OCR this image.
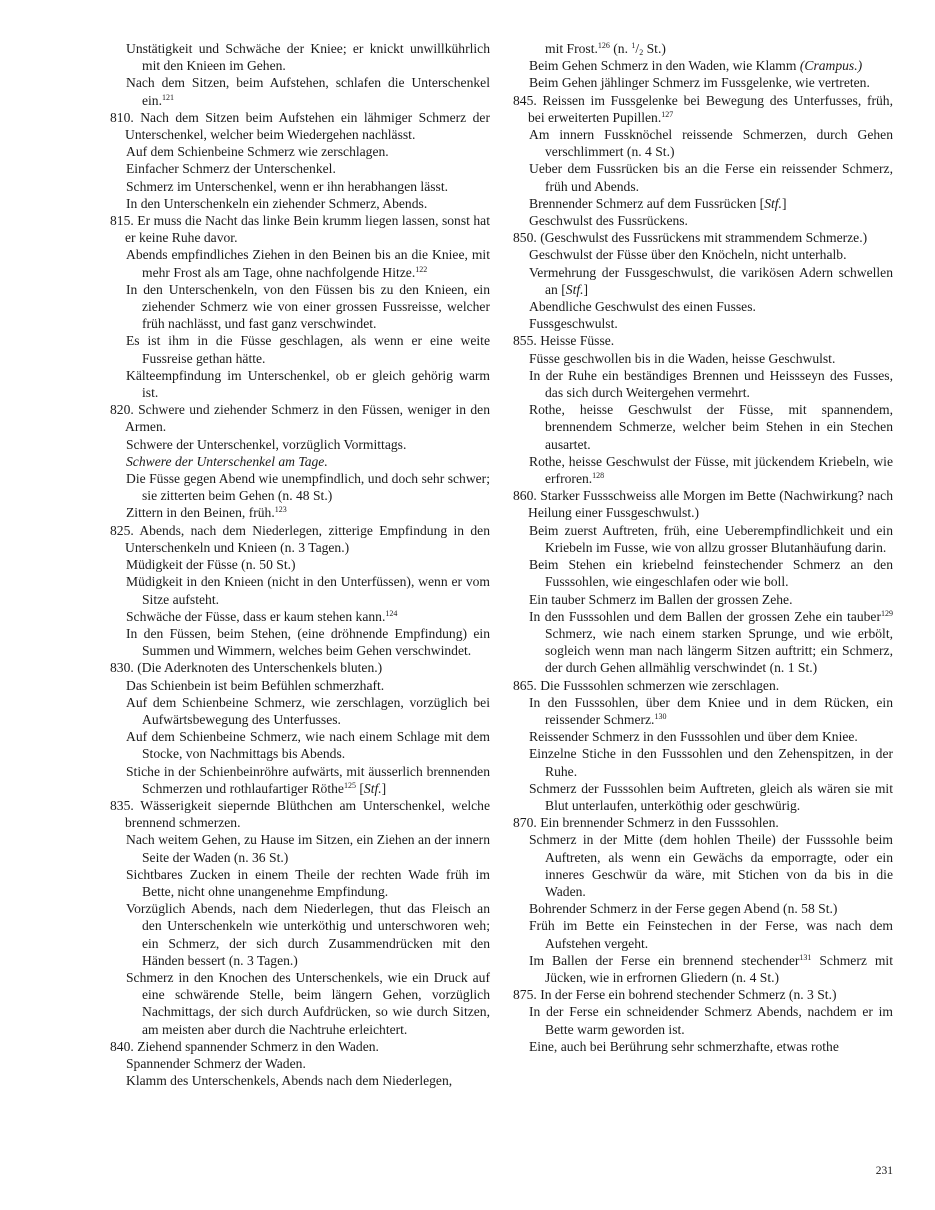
Unstätigkeit und Schwäche der Kniee; er knickt unwillkührlich mit den Knieen im Gehen.
Nach dem Sitzen, beim Aufstehen, schlafen die Unterschenkel ein.$^{121}$
810. Nach dem Sitzen beim Aufstehen ein lähmiger Schmerz der Unterschenkel, welcher beim Wiedergehen nachlässt.
Auf dem Schienbeine Schmerz wie zerschlagen.
Einfacher Schmerz der Unterschenkel.
Schmerz im Unterschenkel, wenn er ihn herabhangen lässt.
In den Unterschenkeln ein ziehender Schmerz, Abends.
815. Er muss die Nacht das linke Bein krumm liegen lassen, sonst hat er keine Ruhe davor.
Abends empfindliches Ziehen in den Beinen bis an die Kniee, mit mehr Frost als am Tage, ohne nachfolgende Hitze.$^{122}$
In den Unterschenkeln, von den Füssen bis zu den Knieen, ein ziehender Schmerz wie von einer grossen Fussreisse, welcher früh nachlässt, und fast ganz verschwindet.
Es ist ihm in die Füsse geschlagen, als wenn er eine weite Fussreise gethan hätte.
Kälteempfindung im Unterschenkel, ob er gleich gehörig warm ist.
820. Schwere und ziehender Schmerz in den Füssen, weniger in den Armen.
Schwere der Unterschenkel, vorzüglich Vormittags.
Schwere der Unterschenkel am Tage.
Die Füsse gegen Abend wie unempfindlich, und doch sehr schwer; sie zitterten beim Gehen (n. 48 St.)
Zittern in den Beinen, früh.$^{123}$
825. Abends, nach dem Niederlegen, zitterige Empfindung in den Unterschenkeln und Knieen (n. 3 Tagen.)
Müdigkeit der Füsse (n. 50 St.)
Müdigkeit in den Knieen (nicht in den Unterfüssen), wenn er vom Sitze aufsteht.
Schwäche der Füsse, dass er kaum stehen kann.$^{124}$
In den Füssen, beim Stehen, (eine dröhnende Empfindung) ein Summen und Wimmern, welches beim Gehen verschwindet.
830. (Die Aderknoten des Unterschenkels bluten.)
Das Schienbein ist beim Befühlen schmerzhaft.
Auf dem Schienbeine Schmerz, wie zerschlagen, vorzüglich bei Aufwärtsbewegung des Unterfusses.
Auf dem Schienbeine Schmerz, wie nach einem Schlage mit dem Stocke, von Nachmittags bis Abends.
Stiche in der Schienbeinröhre aufwärts, mit äusserlich brennenden Schmerzen und rothlaufartiger Röthe$^{125}$ [Stf.]
835. Wässerigkeit siepernde Blüthchen am Unterschenkel, welche brennend schmerzen.
Nach weitem Gehen, zu Hause im Sitzen, ein Ziehen an der innern Seite der Waden (n. 36 St.)
Sichtbares Zucken in einem Theile der rechten Wade früh im Bette, nicht ohne unangenehme Empfindung.
Vorzüglich Abends, nach dem Niederlegen, thut das Fleisch an den Unterschenkeln wie unterköthig und unterschworen weh; ein Schmerz, der sich durch Zusammendrücken mit den Händen bessert (n. 3 Tagen.)
Schmerz in den Knochen des Unterschenkels, wie ein Druck auf eine schwärende Stelle, beim längern Gehen, vorzüglich Nachmittags, der sich durch Aufdrücken, so wie durch Sitzen, am meisten aber durch die Nachtruhe erleichtert.
840. Ziehend spannender Schmerz in den Waden.
Spannender Schmerz der Waden.
Klamm des Unterschenkels, Abends nach dem Niederlegen,
mit Frost.$^{126}$ (n. $^1$/2 St.)
Beim Gehen Schmerz in den Waden, wie Klamm (Crampus.)
Beim Gehen jählinger Schmerz im Fussgelenke, wie vertreten.
845. Reissen im Fussgelenke bei Bewegung des Unterfusses, früh, bei erweiterten Pupillen.$^{127}$
Am innern Fussknöchel reissende Schmerzen, durch Gehen verschlimmert (n. 4 St.)
Ueber dem Fussrücken bis an die Ferse ein reissender Schmerz, früh und Abends.
Brennender Schmerz auf dem Fussrücken [Stf.]
Geschwulst des Fussrückens.
850. (Geschwulst des Fussrückens mit strammendem Schmerze.)
Geschwulst der Füsse über den Knöcheln, nicht unterhalb.
Vermehrung der Fussgeschwulst, die varikösen Adern schwellen an [Stf.]
Abendliche Geschwulst des einen Fusses.
Fussgeschwulst.
855. Heisse Füsse.
Füsse geschwollen bis in die Waden, heisse Geschwulst.
In der Ruhe ein beständiges Brennen und Heissseyn des Fusses, das sich durch Weitergehen vermehrt.
Rothe, heisse Geschwulst der Füsse, mit spannendem, brennendem Schmerze, welcher beim Stehen in ein Stechen ausartet.
Rothe, heisse Geschwulst der Füsse, mit jückendem Kriebeln, wie erfroren.$^{128}$
860. Starker Fussschweiss alle Morgen im Bette (Nachwirkung? nach Heilung einer Fussgeschwulst.)
Beim zuerst Auftreten, früh, eine Ueberempfindlichkeit und ein Kriebeln im Fusse, wie von allzu grosser Blutanhäufung darin.
Beim Stehen ein kriebelnd feinstechender Schmerz an den Fusssohlen, wie eingeschlafen oder wie boll.
Ein tauber Schmerz im Ballen der grossen Zehe.
In den Fusssohlen und dem Ballen der grossen Zehe ein tauber$^{129}$ Schmerz, wie nach einem starken Sprunge, und wie erbölt, sogleich wenn man nach längerm Sitzen auftritt; ein Schmerz, der durch Gehen allmählig verschwindet (n. 1 St.)
865. Die Fusssohlen schmerzen wie zerschlagen.
In den Fusssohlen, über dem Kniee und in dem Rücken, ein reissender Schmerz.$^{130}$
Reissender Schmerz in den Fusssohlen und über dem Kniee.
Einzelne Stiche in den Fusssohlen und den Zehenspitzen, in der Ruhe.
Schmerz der Fusssohlen beim Auftreten, gleich als wären sie mit Blut unterlaufen, unterköthig oder geschwürig.
870. Ein brennender Schmerz in den Fusssohlen.
Schmerz in der Mitte (dem hohlen Theile) der Fusssohle beim Auftreten, als wenn ein Gewächs da emporragte, oder ein inneres Geschwür da wäre, mit Stichen von da bis in die Waden.
Bohrender Schmerz in der Ferse gegen Abend (n. 58 St.)
Früh im Bette ein Feinstechen in der Ferse, was nach dem Aufstehen vergeht.
Im Ballen der Ferse ein brennend stechender$^{131}$ Schmerz mit Jücken, wie in erfrornen Gliedern (n. 4 St.)
875. In der Ferse ein bohrend stechender Schmerz (n. 3 St.)
In der Ferse ein schneidender Schmerz Abends, nachdem er im Bette warm geworden ist.
Eine, auch bei Berührung sehr schmerzhafte, etwas rothe
231
